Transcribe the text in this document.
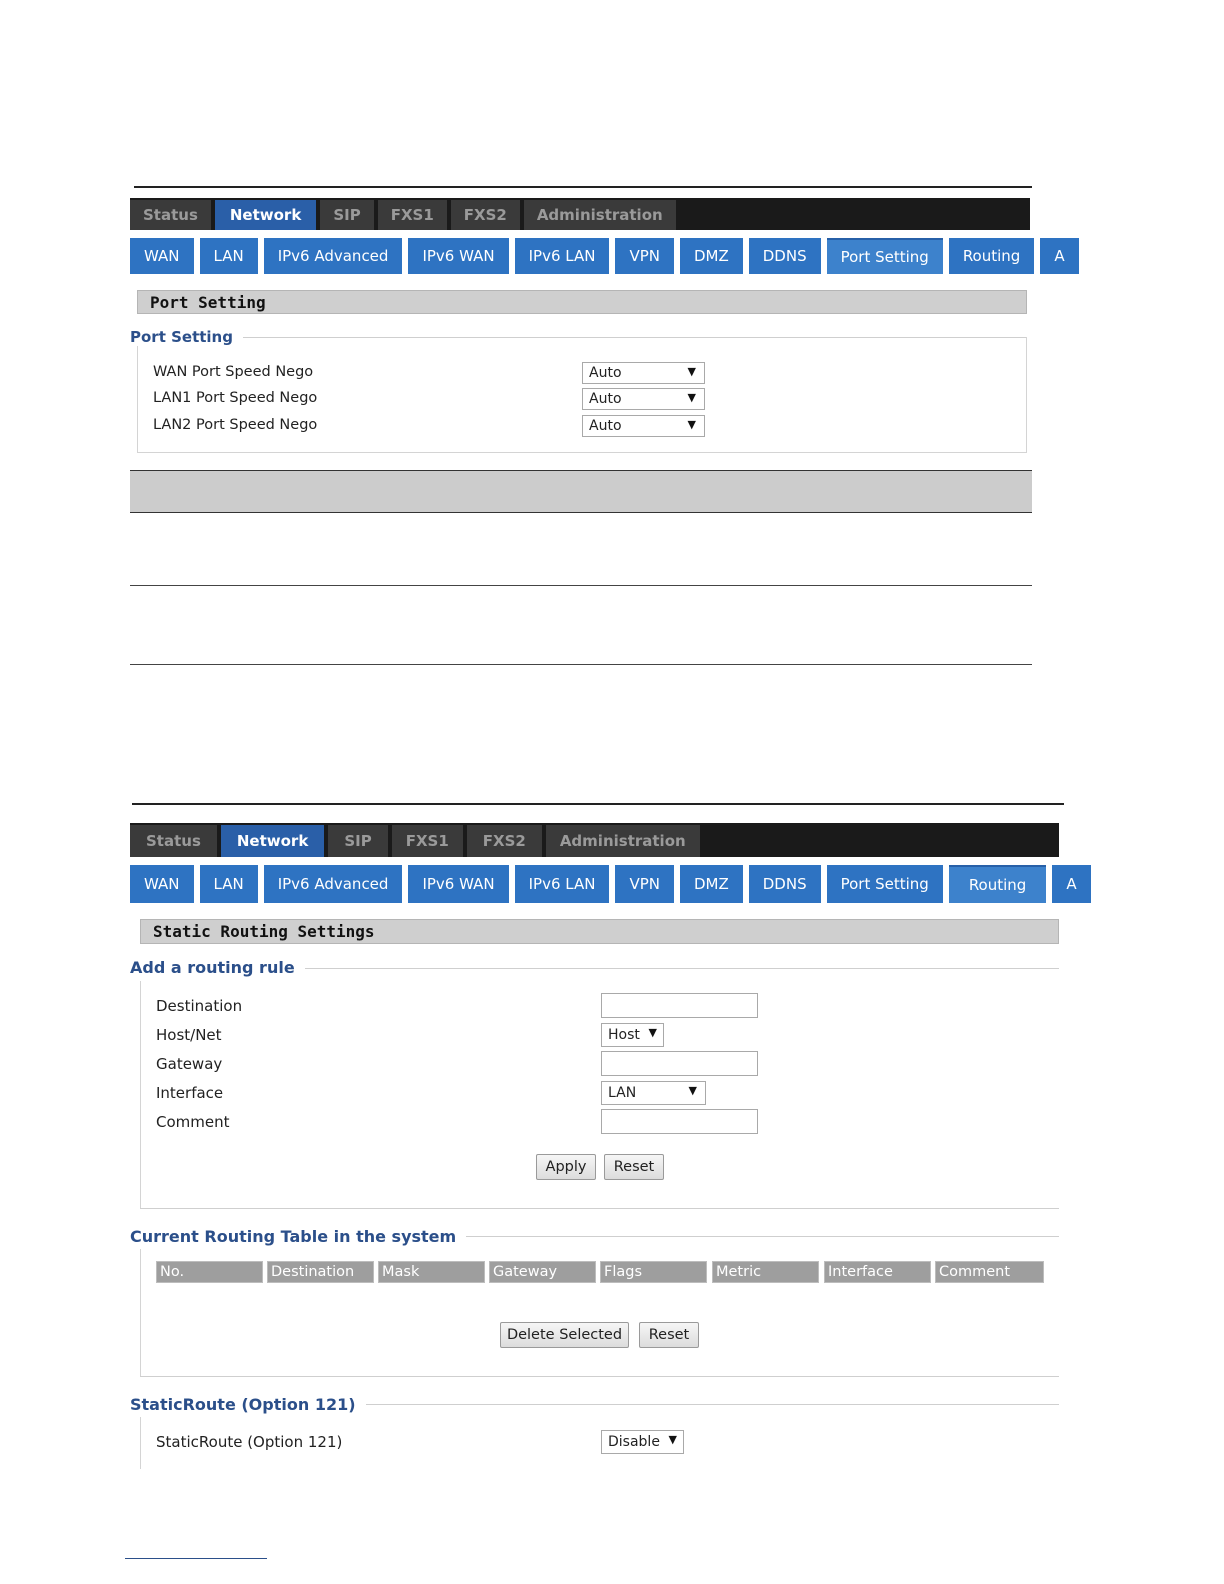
Status	Network	SIP	FXS1	FXS2	Administration
WAN	LAN	IPv6 Advanced	IPv6 WAN	IPv6 LAN	VPN	DMZ	DDNS	Port Setting	Routing	A
Port Setting
Port Setting
WAN Port Speed Nego	Auto	▼
LAN1 Port Speed Nego	Auto	▼
LAN2 Port Speed Nego	Auto	▼
Status	Network	SIP	FXS1	FXS2	Administration
WAN	LAN	IPv6 Advanced	IPv6 WAN	IPv6 LAN	VPN	DMZ	DDNS	Port Setting	Routing	A
Static Routing Settings
Add a routing rule
Destination
Host/Net	Host ▼
Gateway
Interface	LAN	▼
Comment
Apply	Reset
Current Routing Table in the system
No.	Destination	Mask	Gateway	Flags	Metric	Interface	Comment
Delete Selected	Reset
StaticRoute (Option 121)
StaticRoute (Option 121)	Disable ▼
